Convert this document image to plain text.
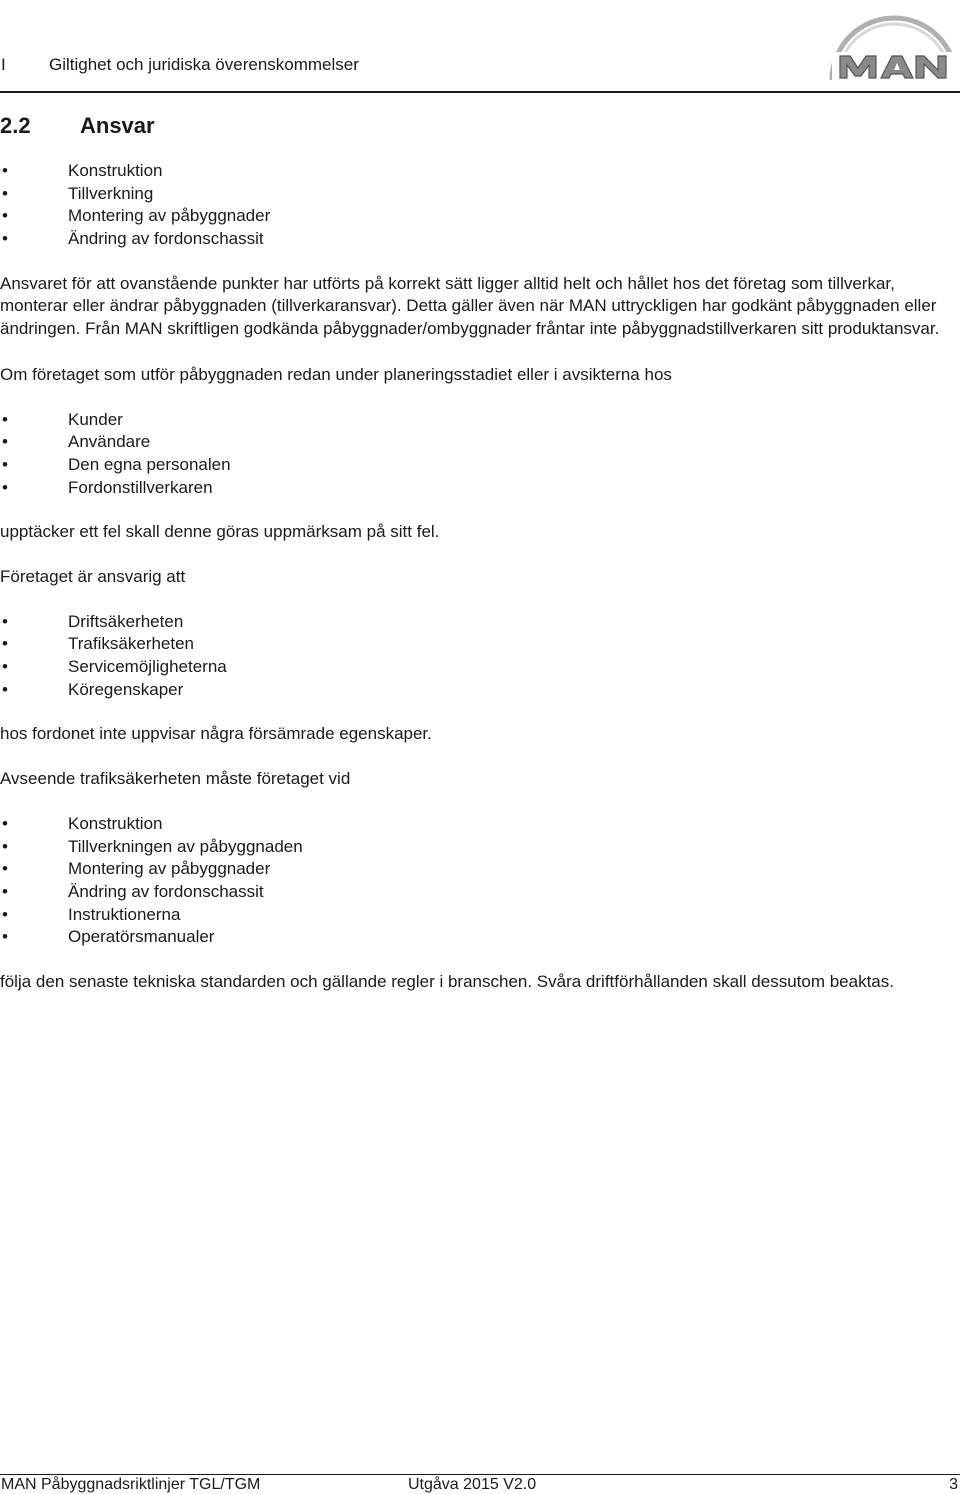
I	Giltighet och juridiska överenskommelser
2.2 Ansvar
• Konstruktion
• Tillverkning
• Montering av påbyggnader
• Ändring av fordonschassit

Ansvaret för att ovanstående punkter har utförts på korrekt sätt ligger alltid helt och hållet hos det företag som tillverkar, monterar eller ändrar påbyggnaden (tillverkaransvar). Detta gäller även när MAN uttryckligen har godkänt påbyggnaden eller ändringen. Från MAN skriftligen godkända påbyggnader/ombyggnader fråntar inte påbyggnadstillverkaren sitt produktansvar.

Om företaget som utför påbyggnaden redan under planeringsstadiet eller i avsikterna hos

• Kunder
• Användare
• Den egna personalen
• Fordonstillverkaren

upptäcker ett fel skall denne göras uppmärksam på sitt fel.

Företaget är ansvarig att

• Driftsäkerheten
• Trafiksäkerheten
• Servicemöjligheterna
• Köregenskaper

hos fordonet inte uppvisar några försämrade egenskaper.

Avseende trafiksäkerheten måste företaget vid

• Konstruktion
• Tillverkningen av påbyggnaden
• Montering av påbyggnader
• Ändring av fordonschassit
• Instruktionerna
• Operatörsmanualer

följa den senaste tekniska standarden och gällande regler i branschen. Svåra driftförhållanden skall dessutom beaktas.

MAN Påbyggnadsriktlinjer TGL/TGM	Utgåva 2015 V2.0	3
